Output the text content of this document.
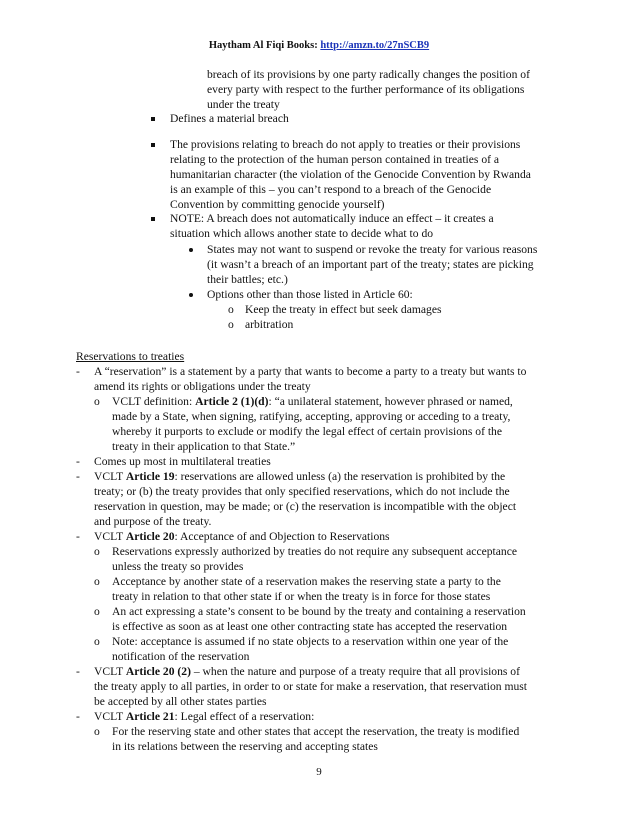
Haytham Al Fiqi Books: http://amzn.to/27nSCB9
breach of its provisions by one party radically changes the position of
every party with respect to the further performance of its obligations
under the treaty
Defines a material breach
The provisions relating to breach do not apply to treaties or their provisions
relating to the protection of the human person contained in treaties of a
humanitarian character (the violation of the Genocide Convention by Rwanda
is an example of this – you can’t respond to a breach of the Genocide
Convention by committing genocide yourself)
NOTE: A breach does not automatically induce an effect – it creates a
situation which allows another state to decide what to do
States may not want to suspend or revoke the treaty for various reasons
(it wasn’t a breach of an important part of the treaty; states are picking
their battles; etc.)
Options other than those listed in Article 60:
o Keep the treaty in effect but seek damages
o arbitration
Reservations to treaties
- A “reservation” is a statement by a party that wants to become a party to a treaty but wants to
amend its rights or obligations under the treaty
o VCLT definition: Article 2 (1)(d): “a unilateral statement, however phrased or named,
made by a State, when signing, ratifying, accepting, approving or acceding to a treaty,
whereby it purports to exclude or modify the legal effect of certain provisions of the
treaty in their application to that State.”
- Comes up most in multilateral treaties
- VCLT Article 19: reservations are allowed unless (a) the reservation is prohibited by the
treaty; or (b) the treaty provides that only specified reservations, which do not include the
reservation in question, may be made; or (c) the reservation is incompatible with the object
and purpose of the treaty.
- VCLT Article 20: Acceptance of and Objection to Reservations
o Reservations expressly authorized by treaties do not require any subsequent acceptance
unless the treaty so provides
o Acceptance by another state of a reservation makes the reserving state a party to the
treaty in relation to that other state if or when the treaty is in force for those states
o An act expressing a state’s consent to be bound by the treaty and containing a reservation
is effective as soon as at least one other contracting state has accepted the reservation
o Note: acceptance is assumed if no state objects to a reservation within one year of the
notification of the reservation
- VCLT Article 20 (2) – when the nature and purpose of a treaty require that all provisions of
the treaty apply to all parties, in order to or state for make a reservation, that reservation must
be accepted by all other states parties
- VCLT Article 21: Legal effect of a reservation:
o For the reserving state and other states that accept the reservation, the treaty is modified
in its relations between the reserving and accepting states
9
